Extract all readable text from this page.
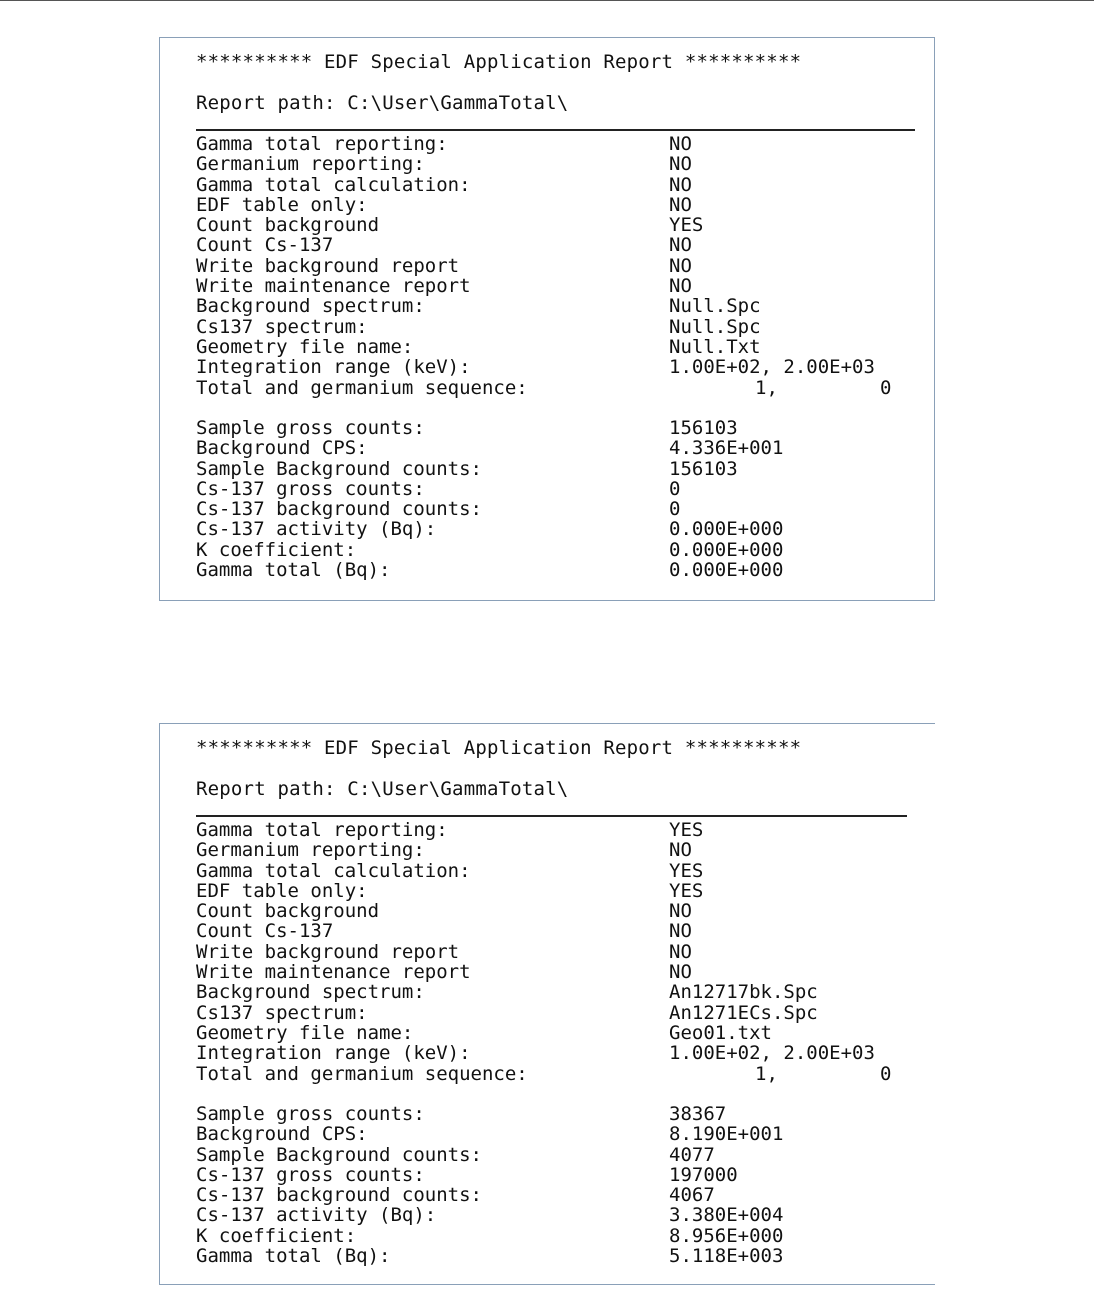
********** EDF Special Application Report **********
Report path: C:\User\GammaTotal\
Gamma total reporting:	NO
Germanium reporting:	NO
Gamma total calculation:	NO
EDF table only:	NO
Count background	YES
Count Cs-137	NO
Write background report	NO
Write maintenance report	NO
Background spectrum:	Null.Spc
Cs137 spectrum:	Null.Spc
Geometry file name:	Null.Txt
Integration range (keV):	1.00E+02, 2.00E+03
Total and germanium sequence:	1,	0
Sample gross counts:	156103
Background CPS:	4.336E+001
Sample Background counts:	156103
Cs-137 gross counts:	0
Cs-137 background counts:	0
Cs-137 activity (Bq):	0.000E+000
K coefficient:	0.000E+000
Gamma total (Bq):	0.000E+000
********** EDF Special Application Report **********
Report path: C:\User\GammaTotal\
Gamma total reporting:	YES
Germanium reporting:	NO
Gamma total calculation:	YES
EDF table only:	YES
Count background	NO
Count Cs-137	NO
Write background report	NO
Write maintenance report	NO
Background spectrum:	An12717bk.Spc
Cs137 spectrum:	An1271ECs.Spc
Geometry file name:	Geo01.txt
Integration range (keV):	1.00E+02, 2.00E+03
Total and germanium sequence:	1,	0
Sample gross counts:	38367
Background CPS:	8.190E+001
Sample Background counts:	4077
Cs-137 gross counts:	197000
Cs-137 background counts:	4067
Cs-137 activity (Bq):	3.380E+004
K coefficient:	8.956E+000
Gamma total (Bq):	5.118E+003
